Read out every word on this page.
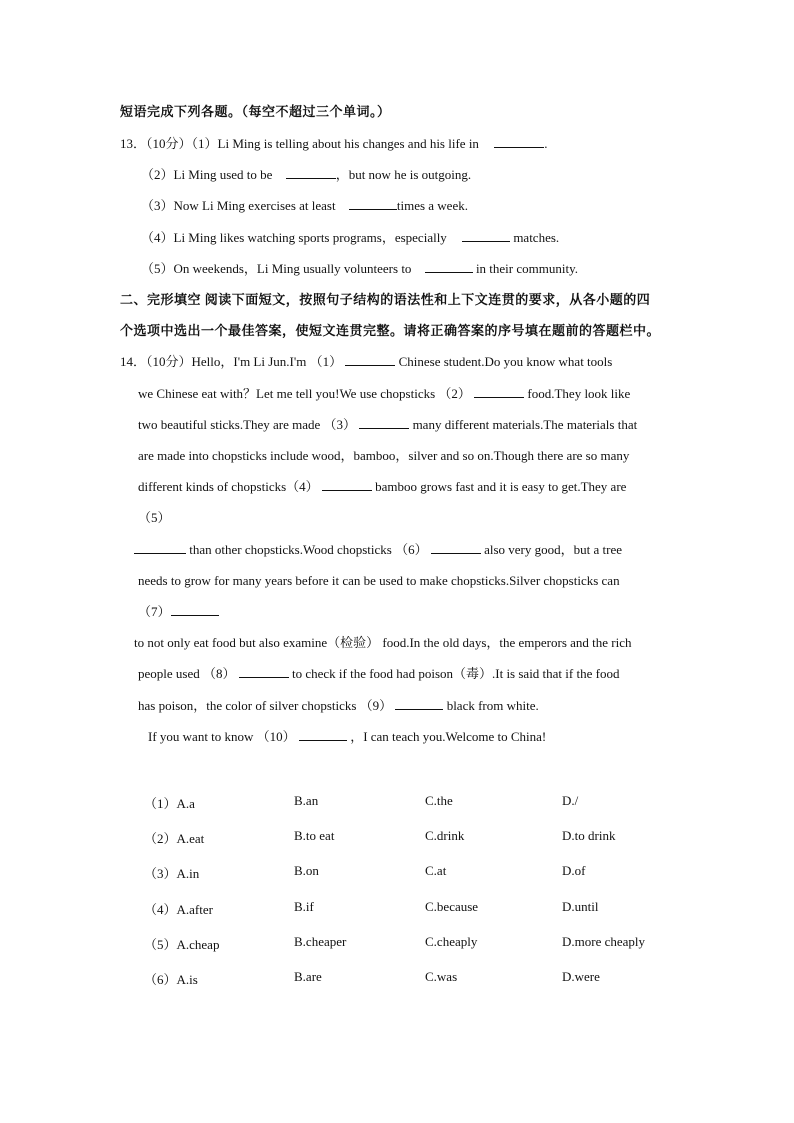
短语完成下列各题。（每空不超过三个单词。）
13．（10分）（1）Li Ming is telling about his changes and his life in	.
（2）Li Ming used to be	，but now he is outgoing.
（3）Now Li Ming exercises at least	times a week.
（4）Li Ming likes watching sports programs，especially	matches.
（5）On weekends，Li Ming usually volunteers to	in their community.
二、完形填空 阅读下面短文，按照句子结构的语法性和上下文连贯的要求，从各小题的四
个选项中选出一个最佳答案，使短文连贯完整。请将正确答案的序号填在题前的答题栏中。
14．（10分）Hello，I'm Li Jun.I'm （1）	Chinese student.Do you know what tools
we Chinese eat with？Let me tell you!We use chopsticks （2）	food.They look like
two beautiful sticks.They are made （3）	many different materials.The materials that
are made into chopsticks include wood，bamboo，silver and so on.Though there are so many
different kinds of chopsticks（4）	bamboo grows fast and it is easy to get.They are
（5）
than other chopsticks.Wood chopsticks （6）	also very good，but a tree
needs to grow for many years before it can be used to make chopsticks.Silver chopsticks can
（7）
to not only eat food but also examine（检验） food.In the old days，the emperors and the rich
people used （8）	to check if the food had poison（毒）.It is said that if the food
has poison，the color of silver chopsticks （9）	black from white.
If you want to know （10）	，I can teach you.Welcome to China!
（1）A.a	B.an	C.the	D./
（2）A.eat	B.to eat	C.drink	D.to drink
（3）A.in	B.on	C.at	D.of
（4）A.after	B.if	C.because	D.until
（5）A.cheap	B.cheaper	C.cheaply	D.more cheaply
（6）A.is	B.are	C.was	D.were
